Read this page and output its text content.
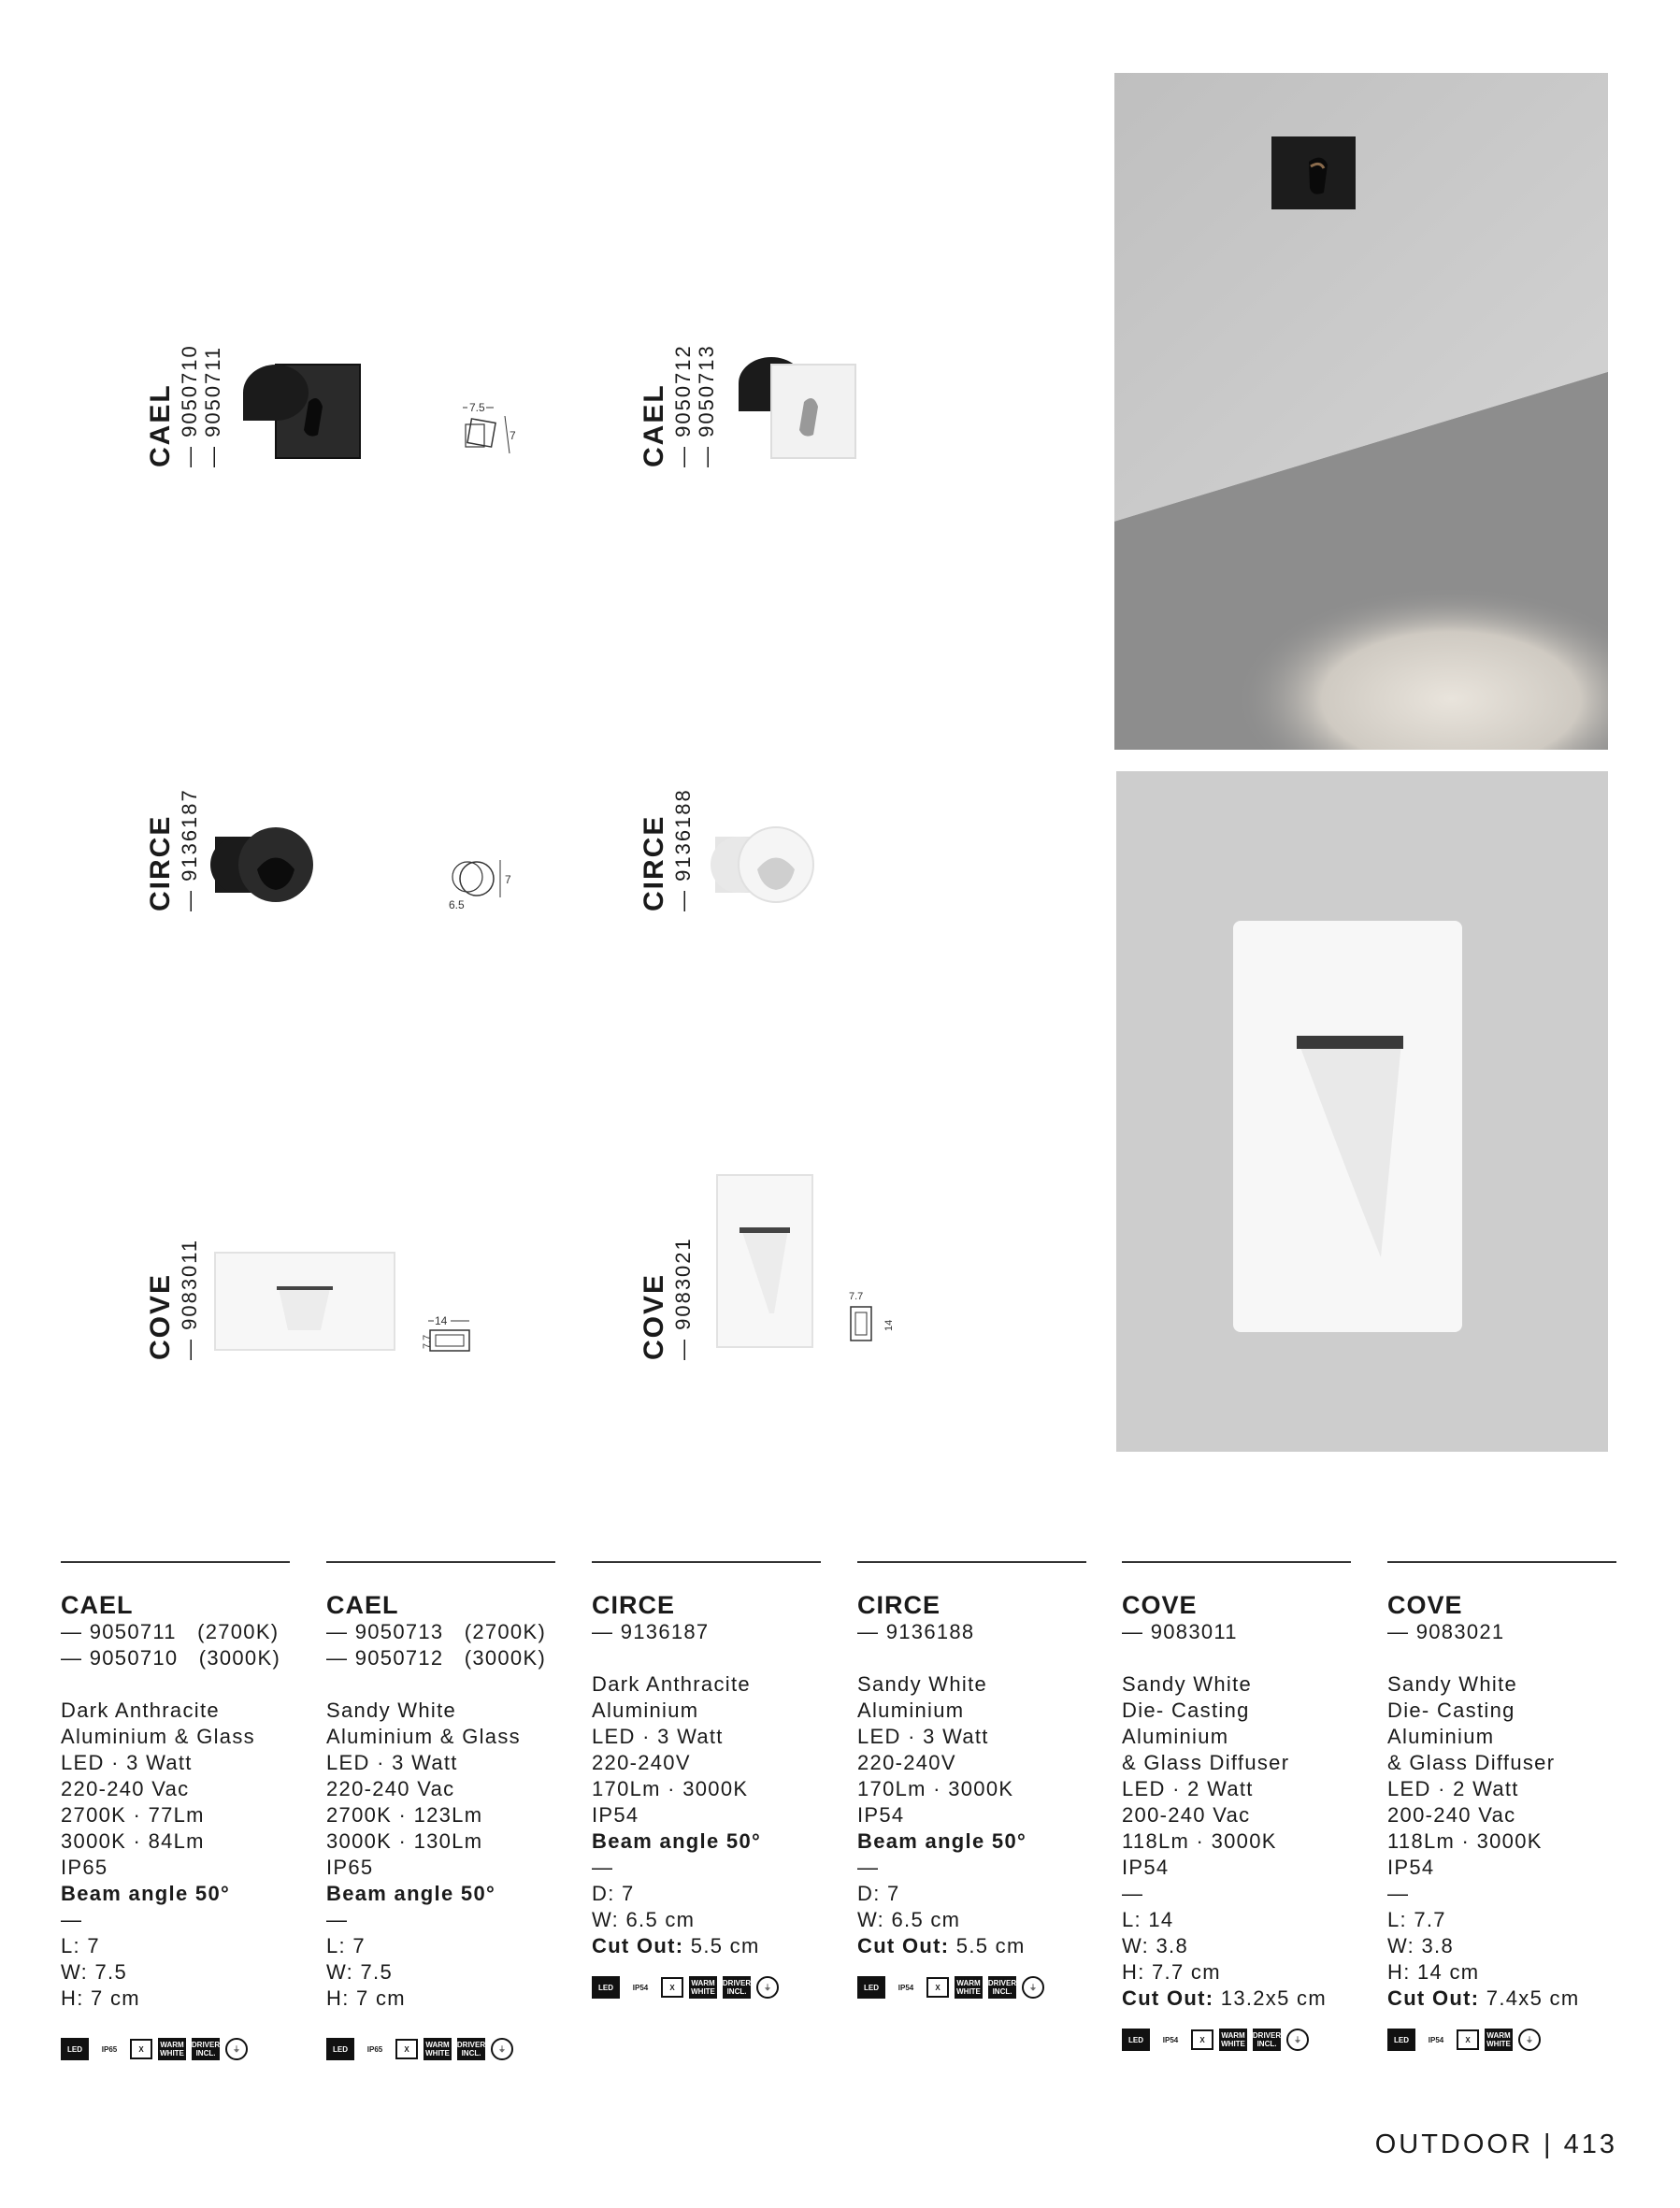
CAEL — 9050710 — 9050711	7.5
7	CAEL — 9050712 — 9050713
CIRCE — 9136187	7
6.5	CIRCE — 9136188
COVE — 9083011	14
7.7	COVE — 9083021	7.7
14
CAEL
— 9050711   (2700K)
— 9050710   (3000K)
Dark Anthracite
Aluminium & Glass
LED · 3 Watt
220-240 Vac
2700K · 77Lm
3000K · 84Lm
IP65
Beam angle 50°
—
L: 7
W: 7.5
H: 7 cm
LED	IP65	X	WARM WHITE
DRIVER INCL.	⏚
CAEL
— 9050713   (2700K)
— 9050712   (3000K)
Sandy White
Aluminium & Glass
LED · 3 Watt
220-240 Vac
2700K · 123Lm
3000K · 130Lm
IP65
Beam angle 50°
—
L: 7
W: 7.5
H: 7 cm
LED	IP65	X	WARM WHITE
DRIVER INCL.	⏚
CIRCE
— 9136187
Dark Anthracite
Aluminium
LED · 3 Watt
220-240V
170Lm · 3000K
IP54
Beam angle 50°
—
D: 7
W: 6.5 cm
Cut Out: 5.5 cm
LED	IP54	X	WARM WHITE
DRIVER INCL.	⏚
CIRCE
— 9136188
Sandy White
Aluminium
LED · 3 Watt
220-240V
170Lm · 3000K
IP54
Beam angle 50°
—
D: 7
W: 6.5 cm
Cut Out: 5.5 cm
LED	IP54	X	WARM WHITE
DRIVER INCL.	⏚
COVE
— 9083011
Sandy White
Die- Casting
Aluminium
& Glass Diffuser
LED · 2 Watt
200-240 Vac
118Lm · 3000K
IP54
—
L: 14
W: 3.8
H: 7.7 cm
Cut Out: 13.2x5 cm
LED	IP54	X	WARM WHITE
DRIVER INCL.	⏚
COVE
— 9083021
Sandy White
Die- Casting
Aluminium
& Glass Diffuser
LED · 2 Watt
200-240 Vac
118Lm · 3000K
IP54
—
L: 7.7
W: 3.8
H: 14 cm
Cut Out: 7.4x5 cm
LED	IP54	X	WARM WHITE	⏚
OUTDOOR | 413
